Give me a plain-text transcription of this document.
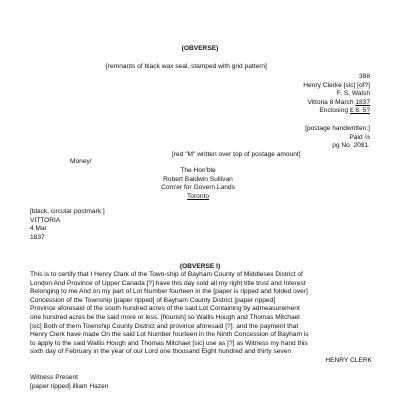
(OBVERSE)
[remnants of black wax seal, stamped with grid pattern]
388
Henry Clerke [sic] [of?]
F. S. Walsh
Vittoria 8 March 1837
Enclosing £ 8. 5?
[postage handwritten:]
Paid ⅔
pg No. 2081.
[red "M" written over top of postage amount]
Money/
The Hon'ble
Robert Baldwin Sullivan
Com'er for Govern Lands
Toronto
[black, circular postmark:]
VITTORIA
4 Mar
1837
(OBVERSE I)
This is to certify that I Henry Clark of the Town-ship of Bayham County of Middlesex District of
London And Province of Upper Canada [?] have this day sold all my right title trust and Interest
Belonging to me And on my part of Lot Number fourteen in the [paper is ripped and folded over]
Concession of the Township [paper ripped] of Bayham County District [paper ripped]
Province aforesaid of the south hundred acres of the said Lot Containing by admeasurement
one hundred acres be the said more or less. [flourish] so Wallis Hough and Thomas Mitchael
[sic] Both of them Township County District and province aforesaid [?]: and the payment that
Henry Clerk have made On the said Lot Number fourteen in the Ninth Concession of Bayham is
to apply to the said Wallis Hough and Thomas Mitchael [sic] use as [?] as Witness my hand this
sixth day of February in the year of our Lord one thousand Eight hundred and thirty seven
HENRY CLERK
Witness Present
[paper ripped] illiam Hazen
